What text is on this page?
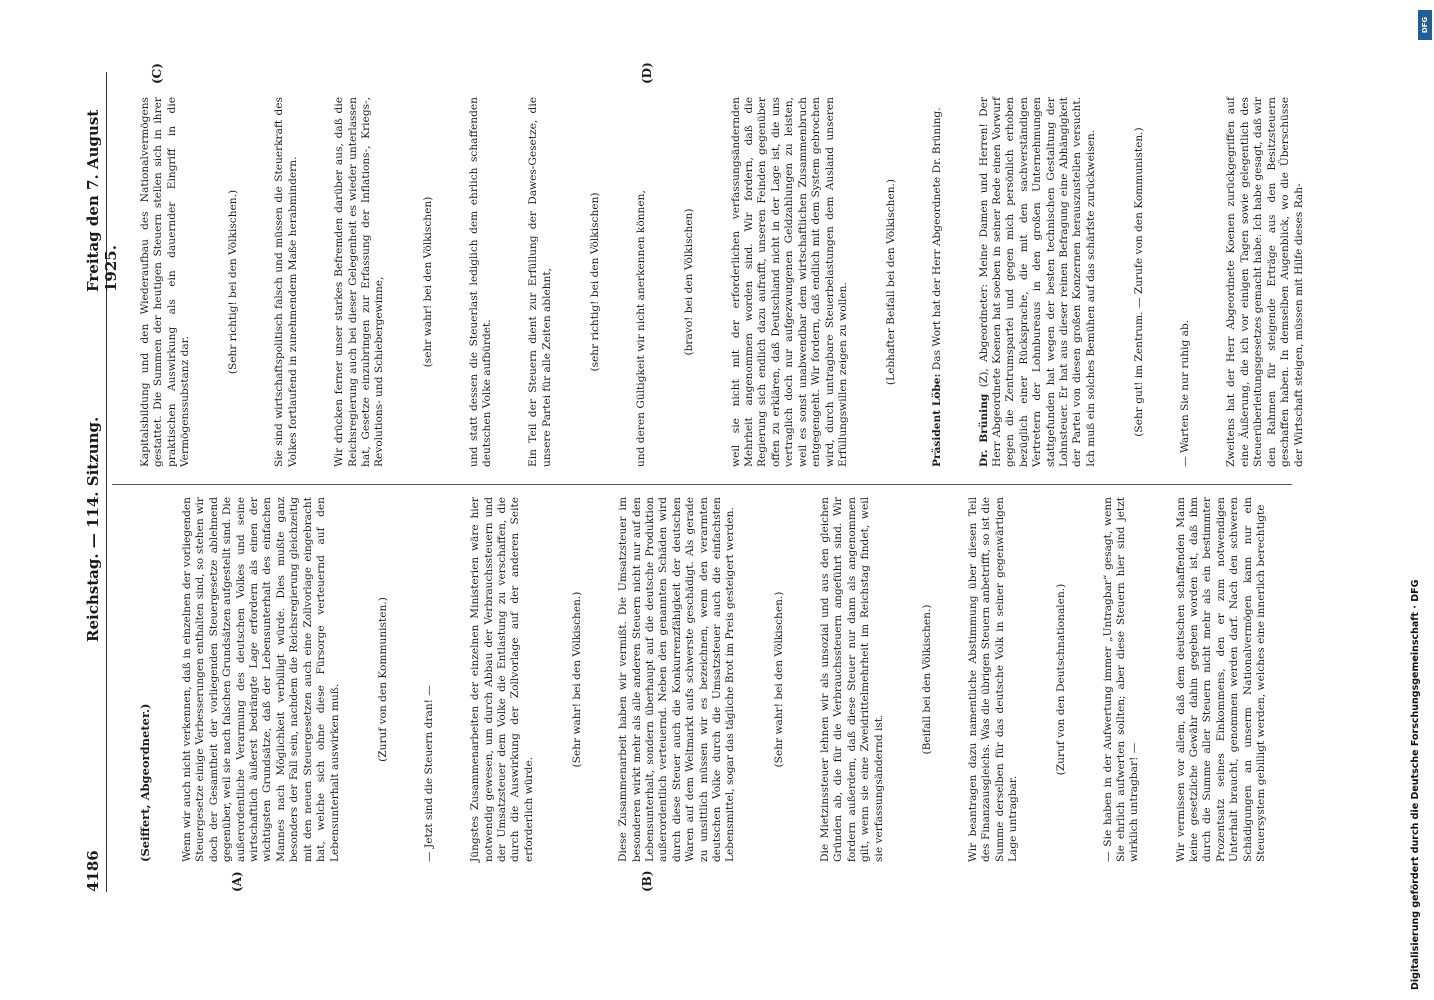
4186
Reichstag. — 114. Sitzung.
Freitag den 7. August 1925.
(A)	(B)
(C)	(D)

(Seiffert, Abgeordneter.)

	Wenn wir auch nicht verkennen, daß in einzelnen der vorliegenden Steuergesetze einige Verbesserungen enthalten sind, so stehen wir doch der Gesamtheit der vorliegenden Steuergesetze ablehnend gegenüber, weil sie nach falschen Grundsätzen aufgestellt sind. Die außerordentliche Verarmung des deutschen Volkes und seine wirtschaftlich äußerst bedrängte Lage erfordern als einen der wichtigsten Grundsätze, daß der Lebensunterhalt des einfachen Mannes nach Möglichkeit verbilligt würde. Dies mußte ganz besonders der Fall sein, nachdem die Reichsregierung gleichzeitig mit den neuen Steuergesetzen auch eine Zollvorlage eingebracht hat, welche sich ohne diese Fürsorge verteuernd auf den Lebensunterhalt auswirken muß.

(Zuruf von den Kommunisten.)

— Jetzt sind die Steuern dran! —

	Jüngstes Zusammenarbeiten der einzelnen Ministerien wäre hier notwendig gewesen, um durch Abbau der Verbrauchssteuern und der Umsatzsteuer dem Volke die Entlastung zu verschaffen, die durch die Auswirkung der Zollvorlage auf der anderen Seite erforderlich würde.

(Sehr wahr! bei den Völkischen.)

	Diese Zusammenarbeit haben wir vermißt. Die Umsatzsteuer im besonderen wirkt mehr als alle anderen Steuern nicht nur auf den Lebensunterhalt, sondern überhaupt auf die deutsche Produktion außerordentlich verteuernd. Neben den genannten Schäden wird durch diese Steuer auch die Konkurrenzfähigkeit der deutschen Waren auf dem Weltmarkt aufs schwerste geschädigt. Als gerade zu unsittlich müssen wir es bezeichnen, wenn den verarmten deutschen Volke durch die Umsatzsteuer auch die einfachsten Lebensmittel, sogar das tägliche Brot im Preis gesteigert werden.

	(Sehr wahr! bei den Völkischen.)

	Die Mietzinssteuer lehnen wir als unsozial und aus den gleichen Gründen ab, die für die Verbrauchssteuern angeführt sind. Wir fordern außerdem, daß diese Steuer nur dann als angenommen gilt, wenn sie eine Zweidrittelmehrheit im Reichstag findet, weil sie verfassungsändernd ist.

(Beifall bei den Völkischen.)

	Wir beantragen dazu namentliche Abstimmung über diesen Teil des Finanzausgleichs. Was die übrigen Steuern anbetrifft, so ist die Summe derselben für das deutsche Volk in seiner gegenwärtigen Lage untragbar.

(Zuruf von den Deutschnationalen.)

	— Sie haben in der Aufwertung immer „Untragbar“ gesagt, wenn Sie ehrlich aufwerten sollten; aber diese Steuern hier sind jetzt wirklich untragbar! —

	Wir vermissen vor allem, daß dem deutschen schaffenden Mann keine gesetzliche Gewähr dahin gegeben worden ist, daß ihm durch die Summe aller Steuern nicht mehr als ein bestimmter Prozentsatz seines Einkommens, den er zum notwendigen Unterhalt braucht, genommen werden darf. Nach den schweren Schädigungen an unserm Nationalvermögen kann nur ein Steuersystem gebilligt werden, welches eine innerlich berechtigte

Kapitalsbildung und den Wiederaufbau des Nationalvermögens gestattet. Die Summen der heutigen Steuern stellen sich in ihrer praktischen Auswirkung als ein dauernder Eingriff in die Vermögenssubstanz dar.

(Sehr richtig! bei den Völkischen.)

	Sie sind wirtschaftspolitisch falsch und müssen die Steuerkraft des Volkes fortlaufend in zunehmendem Maße herabmindern.

	Wir drücken ferner unser starkes Befremden darüber aus, daß die Reichsregierung auch bei dieser Gelegenheit es wieder unterlassen hat, Gesetze einzubringen zur Erfassung der Inflations-, Kriegs-, Revolutions- und Schiebergewinne,

	(sehr wahr! bei den Völkischen)

	und statt dessen die Steuerlast lediglich dem ehrlich schaffenden deutschen Volke aufbürdet.

	Ein Teil der Steuern dient zur Erfüllung der Dawes-Gesetze, die unsere Partei für alle Zeiten ablehnt,

	(sehr richtig! bei den Völkischen)

	und deren Gültigkeit wir nicht anerkennen können,

	(bravo! bei den Völkischen)

	weil sie nicht mit der erforderlichen verfassungsändernden Mehrheit angenommen worden sind. Wir fordern, daß die Regierung sich endlich dazu aufrafft, unseren Feinden gegenüber offen zu erklären, daß Deutschland nicht in der Lage ist, die uns vertraglich doch nur aufgezwungenen Geldzahlungen zu leisten, weil es sonst unabwendbar dem wirtschaftlichen Zusammenbruch entgegengeht. Wir fordern, daß endlich mit dem System gebrochen wird, durch untragbare Steuerbelastungen dem Ausland unseren Erfüllungswillen zeigen zu wollen.

	(Lebhafter Beifall bei den Völkischen.)

Präsident Löbe: Das Wort hat der Herr Abgeordnete Dr. Brüning.

Dr. Brüning (Z), Abgeordneter: Meine Damen und Herren! Der Herr Abgeordnete Koenen hat soeben in seiner Rede einen Vorwurf gegen die Zentrumspartei und gegen mich persönlich erhoben bezüglich einer Rücksprache, die mit den sachverständigen Vertretern der Lohnbureaus in den großen Unternehmungen stattgefunden hat wegen der besten technischen Gestaltung der Lohnsteuer. Er hat aus dieser reinen Befragung eine Abhängigkeit der Partei von diesen großen Konzernen herauszustellen versucht. Ich muß ein solches Bemühen auf das schärfste zurückweisen.

	(Sehr gut! im Zentrum. — Zurufe von den Kommunisten.)

	— Warten Sie nur ruhig ab.

	Zweitens hat der Herr Abgeordnete Koenen zurückgegriffen auf eine Äußerung, die ich vor einigen Tagen sowie gelegentlich des Steuerüberleitungsgesetzes gemacht habe. Ich habe gesagt, daß wir den Rahmen für steigende Erträge aus den Besitzsteuern geschaffen haben. In demselben Augenblick, wo die Überschüsse der Wirtschaft steigen, müssen mit Hilfe dieses Rah-

DFG
Digitalisierung gefördert durch die Deutsche Forschungsgemeinschaft · DFG
